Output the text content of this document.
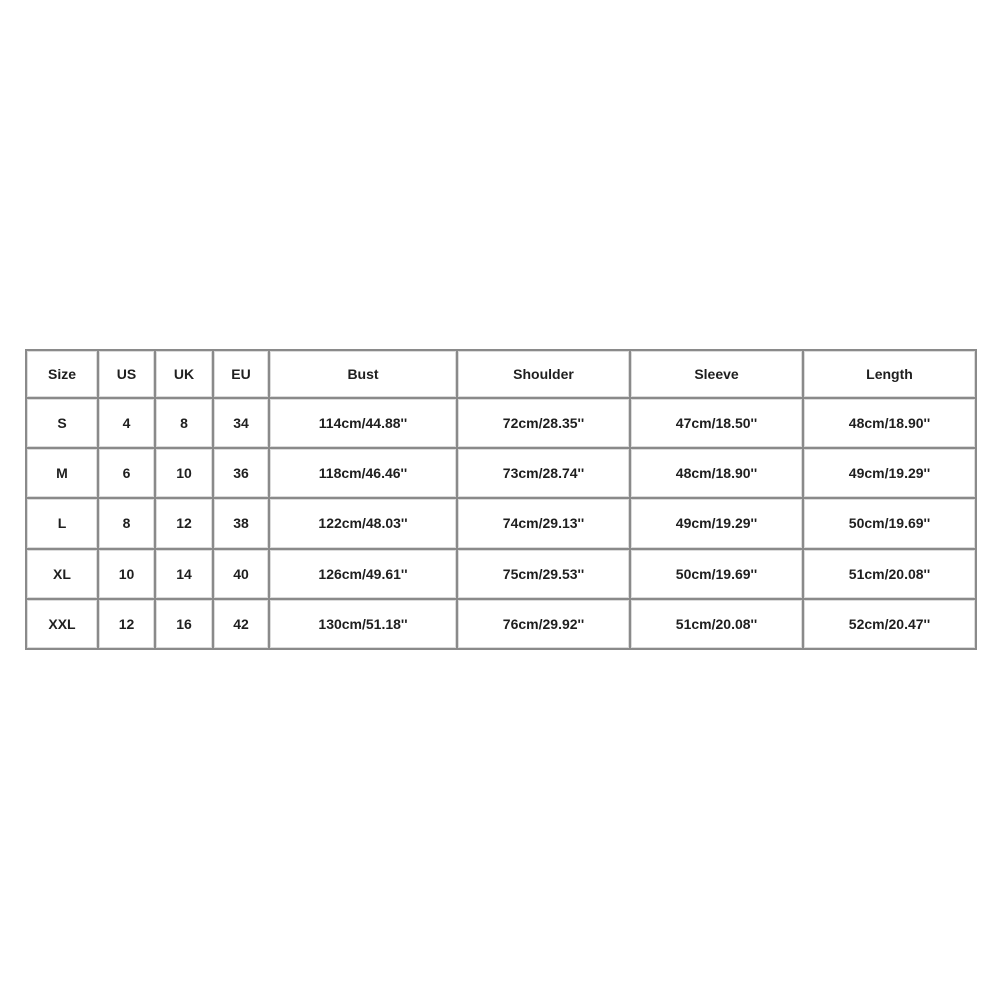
Size	US	UK	EU	Bust	Shoulder	Sleeve	Length
S	4	8	34	114cm/44.88''	72cm/28.35''	47cm/18.50''	48cm/18.90''
M	6	10	36	118cm/46.46''	73cm/28.74''	48cm/18.90''	49cm/19.29''
L	8	12	38	122cm/48.03''	74cm/29.13''	49cm/19.29''	50cm/19.69''
XL	10	14	40	126cm/49.61''	75cm/29.53''	50cm/19.69''	51cm/20.08''
XXL	12	16	42	130cm/51.18''	76cm/29.92''	51cm/20.08''	52cm/20.47''
